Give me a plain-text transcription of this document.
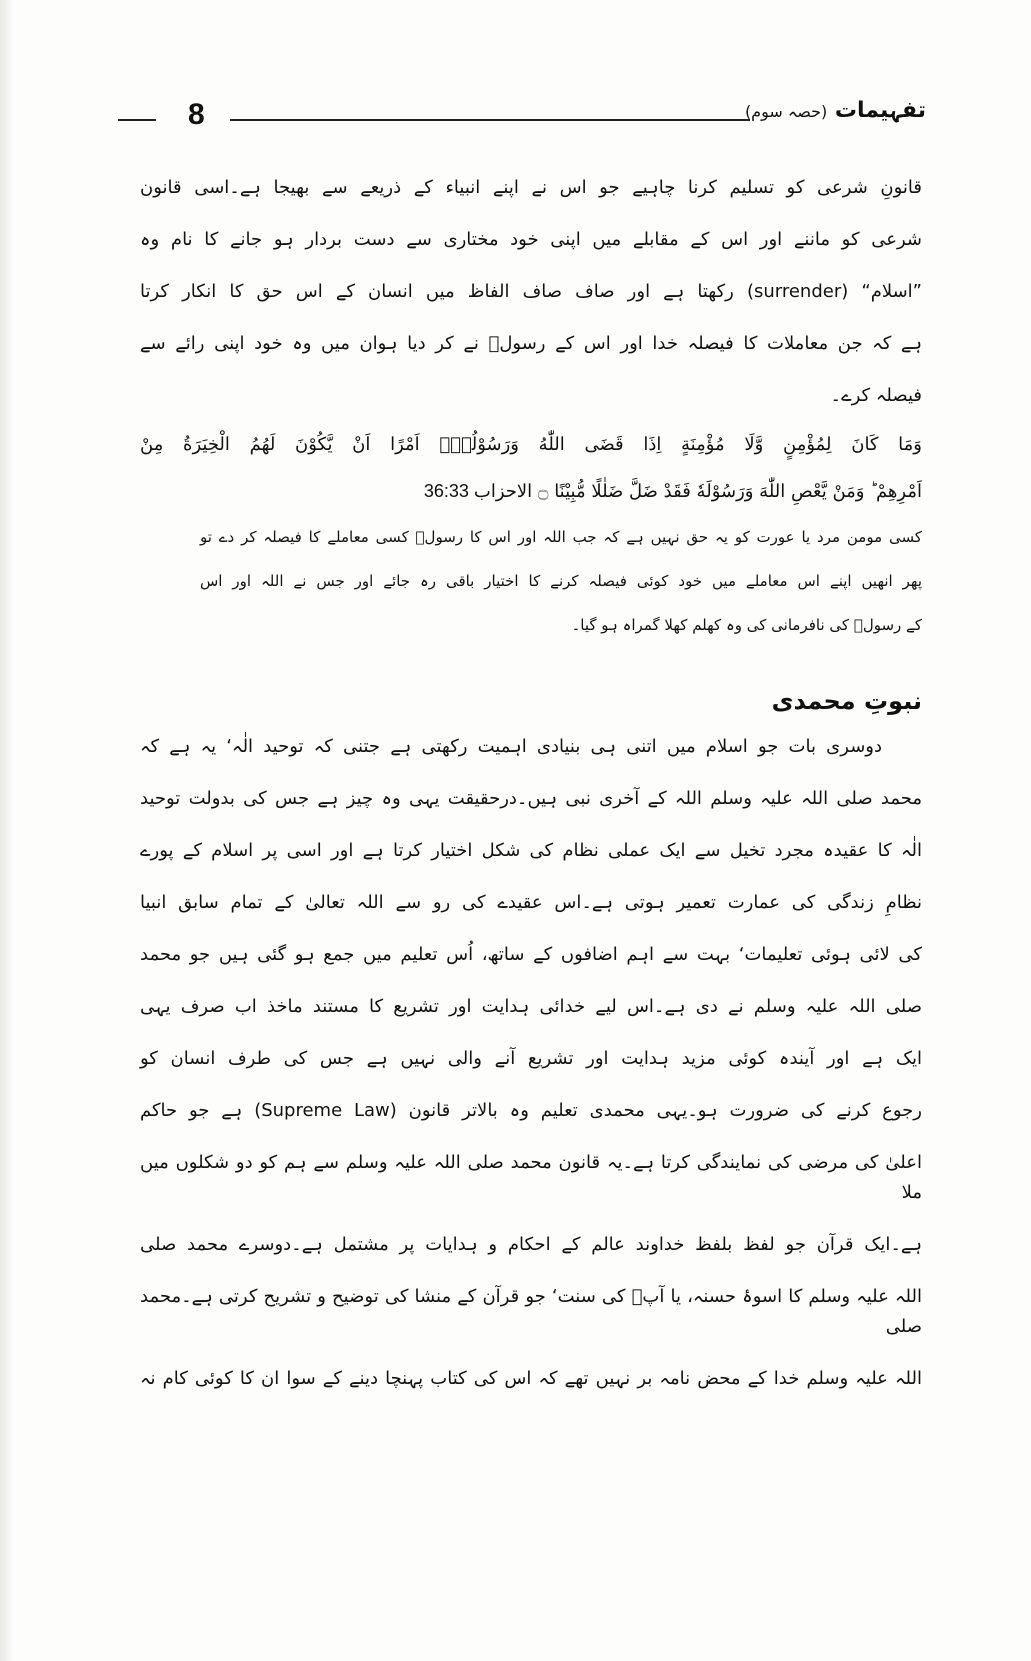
8	تفہیمات (حصہ سوم)
قانونِ شرعی کو تسلیم کرنا چاہیے جو اس نے اپنے انبیاء کے ذریعے سے بھیجا ہے۔اسی قانون
شرعی کو ماننے اور اس کے مقابلے میں اپنی خود مختاری سے دست بردار ہو جانے کا نام وہ
”اسلام“ (surrender) رکھتا ہے اور صاف صاف الفاظ میں انسان کے اس حق کا انکار کرتا
ہے کہ جن معاملات کا فیصلہ خدا اور اس کے رسولؐ نے کر دیا ہوان میں وہ خود اپنی رائے سے
فیصلہ کرے۔
وَمَا كَانَ لِمُؤْمِنٍ وَّلَا مُؤْمِنَةٍ اِذَا قَضَى اللّٰهُ وَرَسُوْلُهٗۤ اَمْرًا اَنْ يَّكُوْنَ لَهُمُ الْخِيَرَةُ مِنْ
اَمْرِهِمْ ؕ وَمَنْ يَّعْصِ اللّٰهَ وَرَسُوْلَهٗ فَقَدْ ضَلَّ ضَلٰلًا مُّبِيْنًا ۝ الاحزاب 36:33
کسی مومن مرد یا عورت کو یہ حق نہیں ہے کہ جب اللہ اور اس کا رسولؐ کسی معاملے کا فیصلہ کر دے تو
پھر انھیں اپنے اس معاملے میں خود کوئی فیصلہ کرنے کا اختیار باقی رہ جائے اور جس نے اللہ اور اس
کے رسولؐ کی نافرمانی کی وہ کھلم کھلا گمراہ ہو گیا۔
نبوتِ محمدی
دوسری بات جو اسلام میں اتنی ہی بنیادی اہمیت رکھتی ہے جتنی کہ توحید الٰہ‘ یہ ہے کہ
محمد صلی اللہ علیہ وسلم اللہ کے آخری نبی ہیں۔درحقیقت یہی وہ چیز ہے جس کی بدولت توحید
الٰہ کا عقیدہ مجرد تخیل سے ایک عملی نظام کی شکل اختیار کرتا ہے اور اسی پر اسلام کے پورے
نظامِ زندگی کی عمارت تعمیر ہوتی ہے۔اس عقیدے کی رو سے اللہ تعالیٰ کے تمام سابق انبیا
کی لائی ہوئی تعلیمات‘ بہت سے اہم اضافوں کے ساتھ، اُس تعلیم میں جمع ہو گئی ہیں جو محمد
صلی اللہ علیہ وسلم نے دی ہے۔اس لیے خدائی ہدایت اور تشریع کا مستند ماخذ اب صرف یہی
ایک ہے اور آیندہ کوئی مزید ہدایت اور تشریع آنے والی نہیں ہے جس کی طرف انسان کو
رجوع کرنے کی ضرورت ہو۔یہی محمدی تعلیم وہ بالاتر قانون (Supreme Law) ہے جو حاکم
اعلیٰ کی مرضی کی نمایندگی کرتا ہے۔یہ قانون محمد صلی اللہ علیہ وسلم سے ہم کو دو شکلوں میں ملا
ہے۔ایک قرآن جو لفظ بلفظ خداوند عالم کے احکام و ہدایات پر مشتمل ہے۔دوسرے محمد صلی
اللہ علیہ وسلم کا اسوۂ حسنہ، یا آپؐ کی سنت‘ جو قرآن کے منشا کی توضیح و تشریح کرتی ہے۔محمد صلی
اللہ علیہ وسلم خدا کے محض نامہ بر نہیں تھے کہ اس کی کتاب پہنچا دینے کے سوا ان کا کوئی کام نہ
